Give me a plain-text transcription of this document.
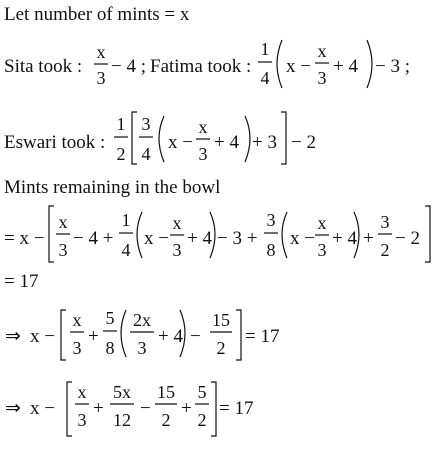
Let number of mints = x
Sita took :
x
3
− 4 ; Fatima took :
1
4
x −
x
3
+ 4 − 3 ;
Eswari took :
1
2
3
4
x −
x
3
+ 4 + 3 − 2
Mints remaining in the bowl
= x −
x
3
− 4 +
1
4
x −
x
3
+ 4 − 3 +
3
8
x −
x
3
+ 4 +
3
2
− 2
= 17
⇒ x −
x
3
+
5
8
2x
3
+ 4 −
15
2
= 17
⇒ x −
x
3
+
5x
12
−
15
2
+
5
2
= 17
